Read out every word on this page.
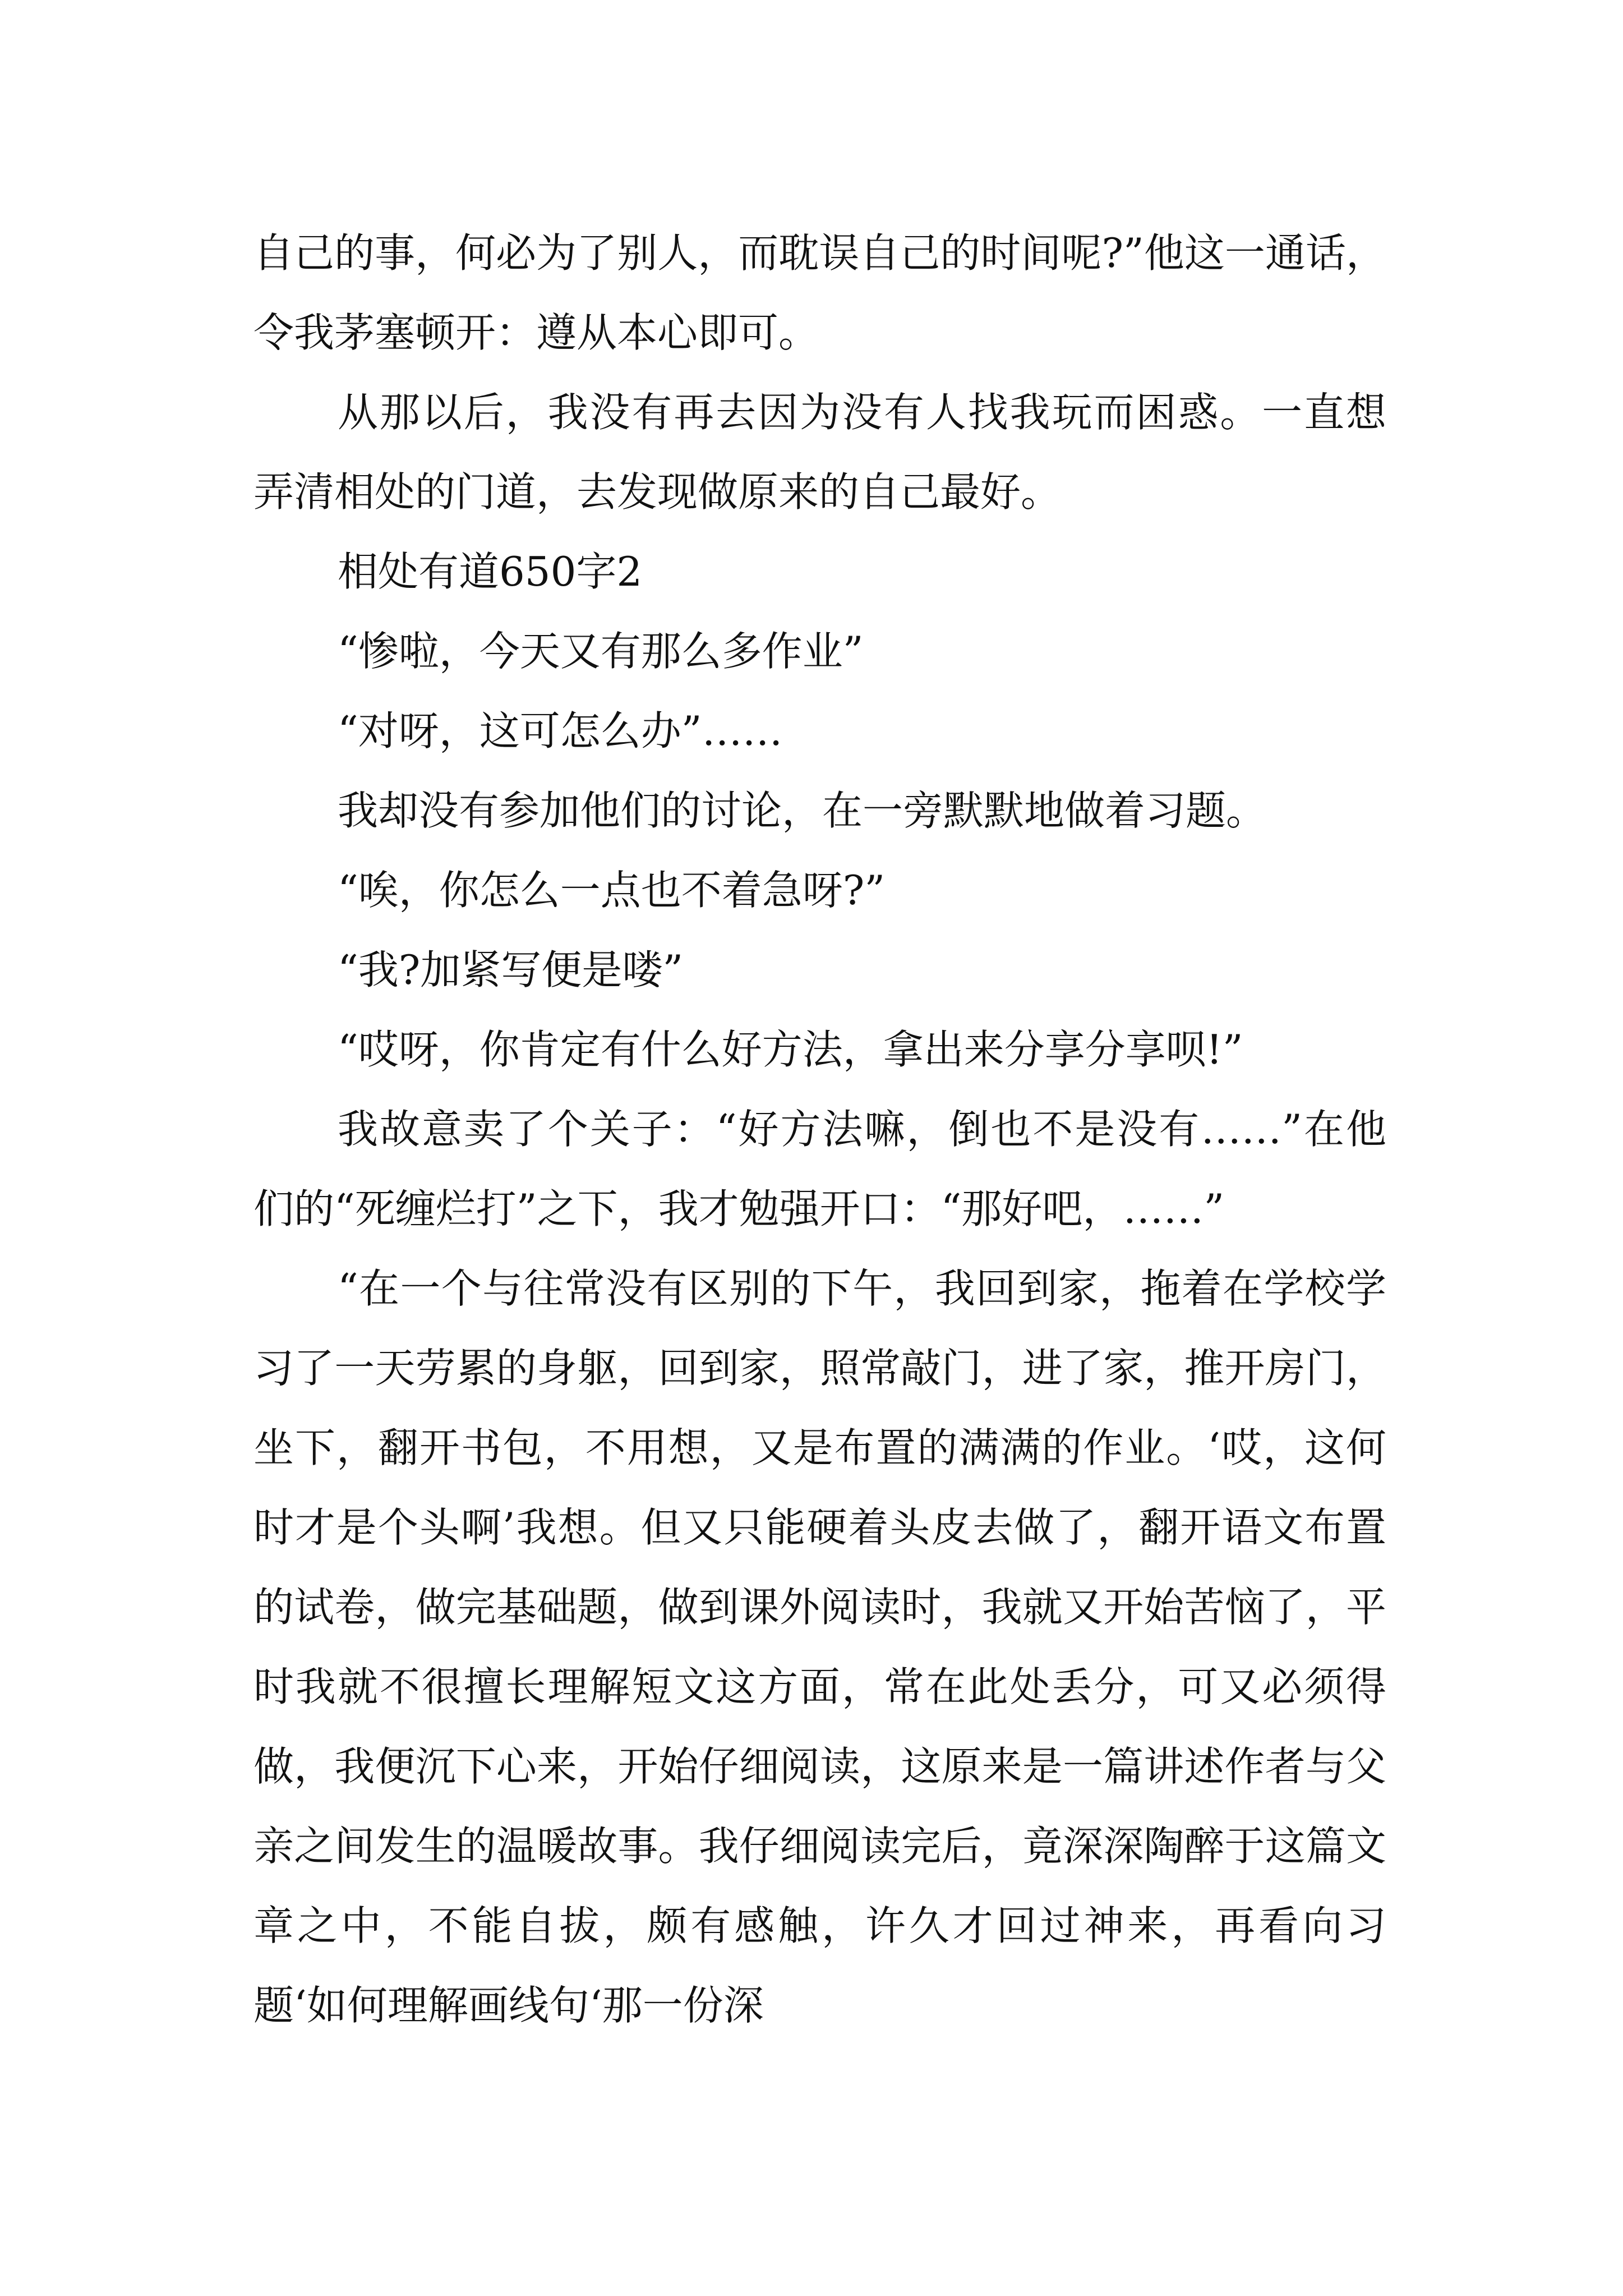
自己的事，何必为了别人，而耽误自己的时间呢?”他这一通话，令我茅塞顿开：遵从本心即可。

从那以后，我没有再去因为没有人找我玩而困惑。一直想弄清相处的门道，去发现做原来的自己最好。

相处有道650字2

“惨啦，今天又有那么多作业”

“对呀，这可怎么办”……

我却没有参加他们的讨论，在一旁默默地做着习题。

“唉，你怎么一点也不着急呀?”

“我?加紧写便是喽”

“哎呀，你肯定有什么好方法，拿出来分享分享呗!”

我故意卖了个关子：“好方法嘛，倒也不是没有……”在他们的“死缠烂打”之下，我才勉强开口：“那好吧，……”

“在一个与往常没有区别的下午，我回到家，拖着在学校学习了一天劳累的身躯，回到家，照常敲门，进了家，推开房门，坐下，翻开书包，不用想，又是布置的满满的作业。‘哎，这何时才是个头啊’我想。但又只能硬着头皮去做了，翻开语文布置的试卷，做完基础题，做到课外阅读时，我就又开始苦恼了，平时我就不很擅长理解短文这方面，常在此处丢分，可又必须得做，我便沉下心来，开始仔细阅读，这原来是一篇讲述作者与父亲之间发生的温暖故事。我仔细阅读完后，竟深深陶醉于这篇文章之中，不能自拔，颇有感触，许久才回过神来，再看向习题‘如何理解画线句‘那一份深
